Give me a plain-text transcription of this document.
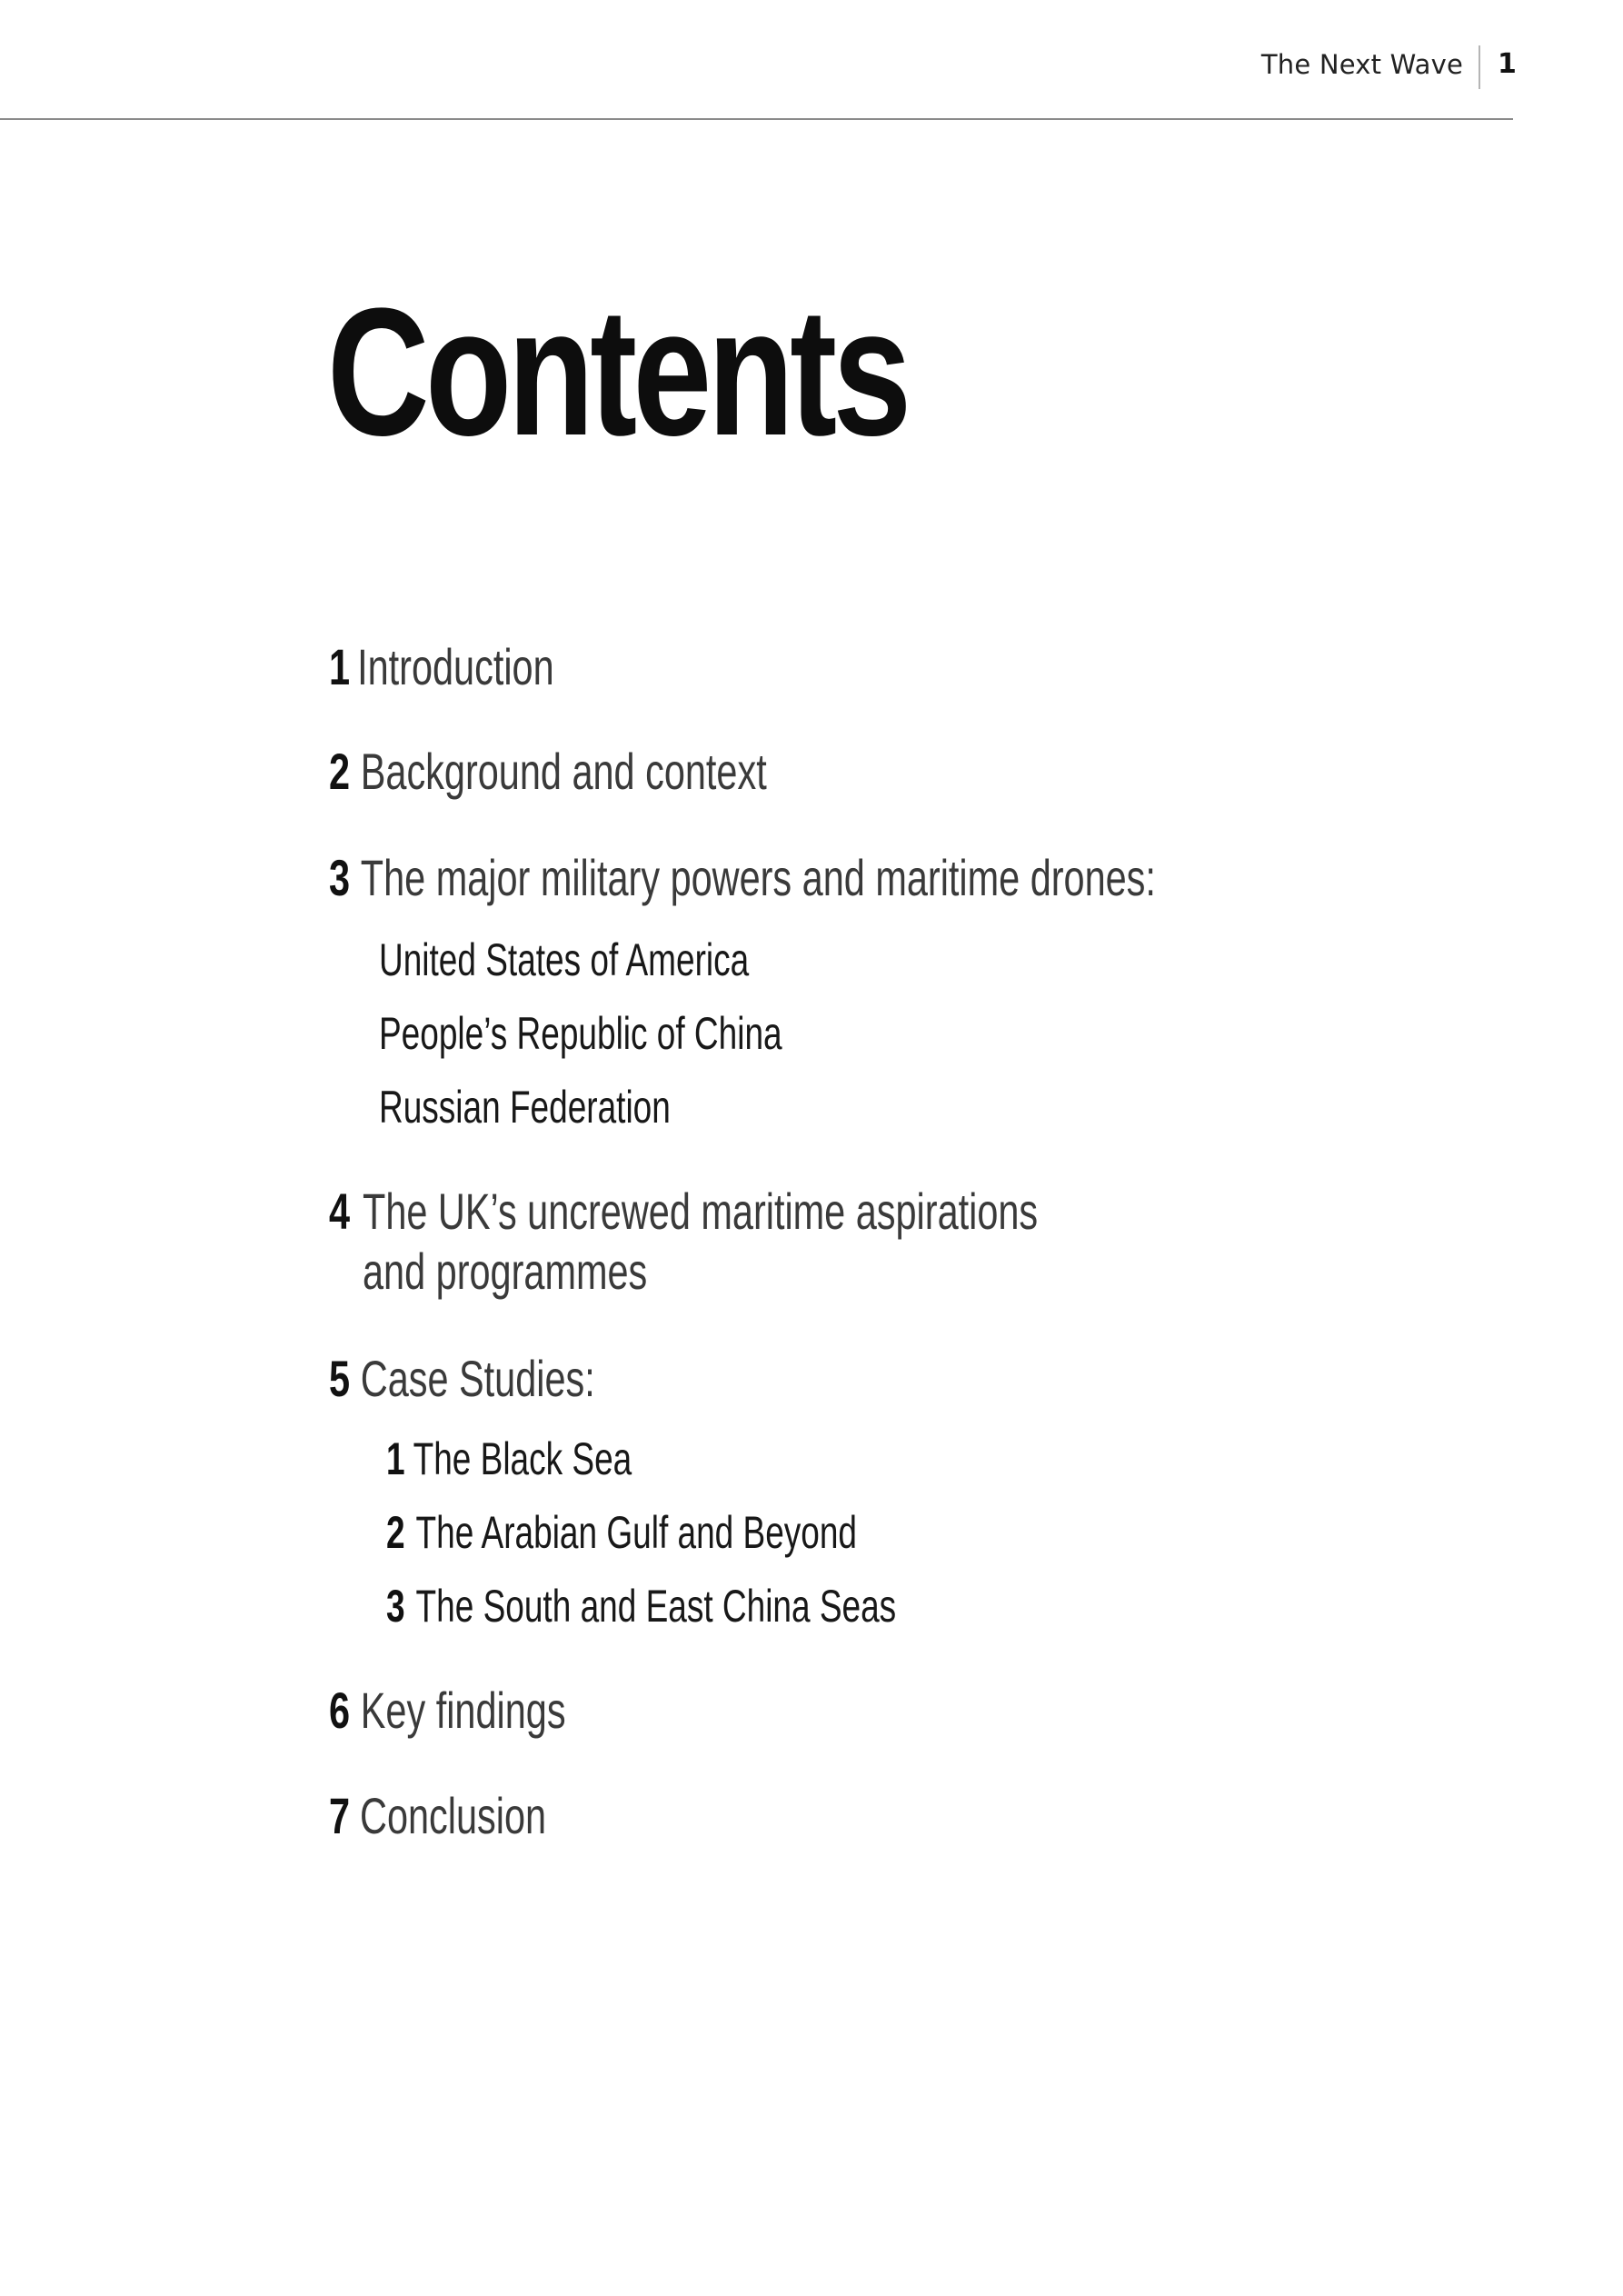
The Next Wave 1
Contents
1 Introduction
2 Background and context
3 The major military powers and maritime drones:
United States of America
People’s Republic of China
Russian Federation
4 The UK’s uncrewed maritime aspirations
and programmes
5 Case Studies:
1 The Black Sea
2 The Arabian Gulf and Beyond
3 The South and East China Seas
6 Key findings
7 Conclusion
